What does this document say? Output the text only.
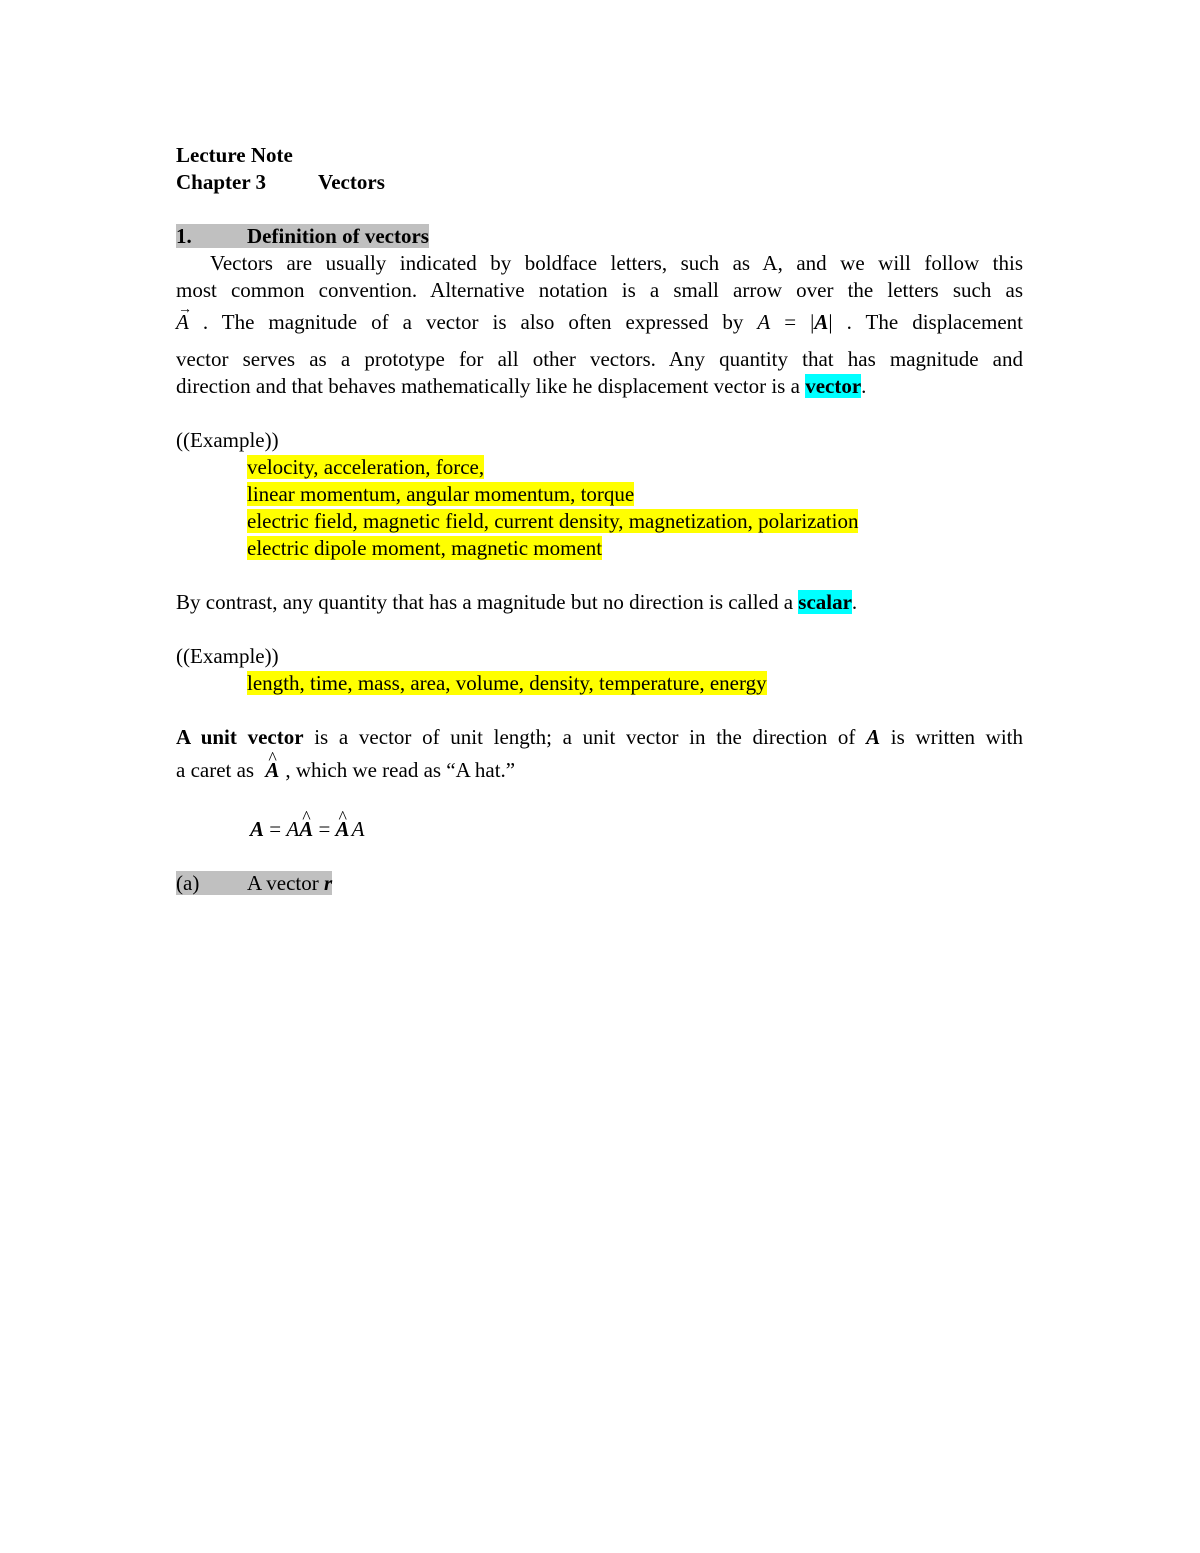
Lecture Note

Chapter 3 Vectors

1.	Definition of vectors

Vectors are usually indicated by boldface letters, such as A, and we will follow this

most common convention. Alternative notation is a small arrow over the letters such as

→ A . The magnitude of a vector is also often expressed by A = |A| . The displacement

vector serves as a prototype for all other vectors. Any quantity that has magnitude and

direction and that behaves mathematically like he displacement vector is a vector.

((Example))

velocity, acceleration, force,

linear momentum, angular momentum, torque

electric field, magnetic field, current density, magnetization, polarization

electric dipole moment, magnetic moment

By contrast, any quantity that has a magnitude but no direction is called a scalar.

((Example))

length, time, mass, area, volume, density, temperature, energy

A unit vector is a vector of unit length; a unit vector in the direction of A is written with

a caret as ^ A , which we read as “A hat.”

A = A^ A = ^ AA

(a) A vector r
